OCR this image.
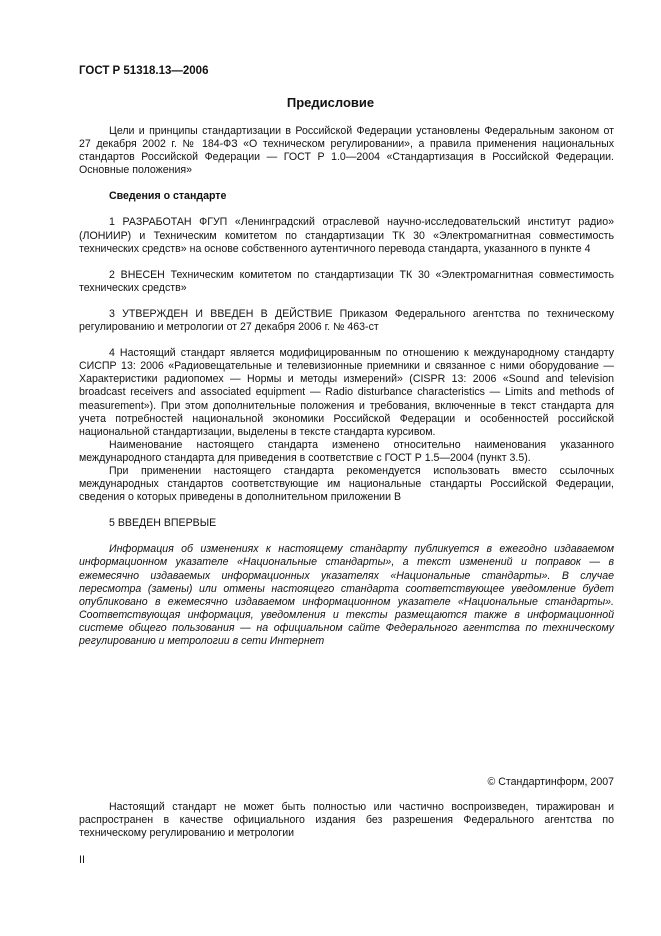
ГОСТ Р 51318.13—2006
Предисловие

Цели и принципы стандартизации в Российской Федерации установлены Федеральным законом от 27 декабря 2002 г. № 184-ФЗ «О техническом регулировании», а правила применения национальных стандартов Российской Федерации — ГОСТ Р 1.0—2004 «Стандартизация в Российской Федерации. Основные положения»

Сведения о стандарте

1 РАЗРАБОТАН ФГУП «Ленинградский отраслевой научно-исследовательский институт радио» (ЛОНИИР) и Техническим комитетом по стандартизации ТК 30 «Электромагнитная совместимость технических средств» на основе собственного аутентичного перевода стандарта, указанного в пункте 4

2 ВНЕСЕН Техническим комитетом по стандартизации ТК 30 «Электромагнитная совместимость технических средств»

3 УТВЕРЖДЕН И ВВЕДЕН В ДЕЙСТВИЕ Приказом Федерального агентства по техническому регулированию и метрологии от 27 декабря 2006 г. № 463-ст

4 Настоящий стандарт является модифицированным по отношению к международному стандарту СИСПР 13: 2006 «Радиовещательные и телевизионные приемники и связанное с ними оборудование — Характеристики радиопомех — Нормы и методы измерений» (CISPR 13: 2006 «Sound and television broadcast receivers and associated equipment — Radio disturbance characteristics — Limits and methods of measurement»). При этом дополнительные положения и требования, включенные в текст стандарта для учета потребностей национальной экономики Российской Федерации и особенностей российской национальной стандартизации, выделены в тексте стандарта курсивом.

Наименование настоящего стандарта изменено относительно наименования указанного международного стандарта для приведения в соответствие с ГОСТ Р 1.5—2004 (пункт 3.5).

При применении настоящего стандарта рекомендуется использовать вместо ссылочных международных стандартов соответствующие им национальные стандарты Российской Федерации, сведения о которых приведены в дополнительном приложении В

5 ВВЕДЕН ВПЕРВЫЕ

Информация об изменениях к настоящему стандарту публикуется в ежегодно издаваемом информационном указателе «Национальные стандарты», а текст изменений и поправок — в ежемесячно издаваемых информационных указателях «Национальные стандарты». В случае пересмотра (замены) или отмены настоящего стандарта соответствующее уведомление будет опубликовано в ежемесячно издаваемом информационном указателе «Национальные стандарты». Соответствующая информация, уведомления и тексты размещаются также в информационной системе общего пользования — на официальном сайте Федерального агентства по техническому регулированию и метрологии в сети Интернет

© Стандартинформ, 2007

Настоящий стандарт не может быть полностью или частично воспроизведен, тиражирован и распространен в качестве официального издания без разрешения Федерального агентства по техническому регулированию и метрологии

II
